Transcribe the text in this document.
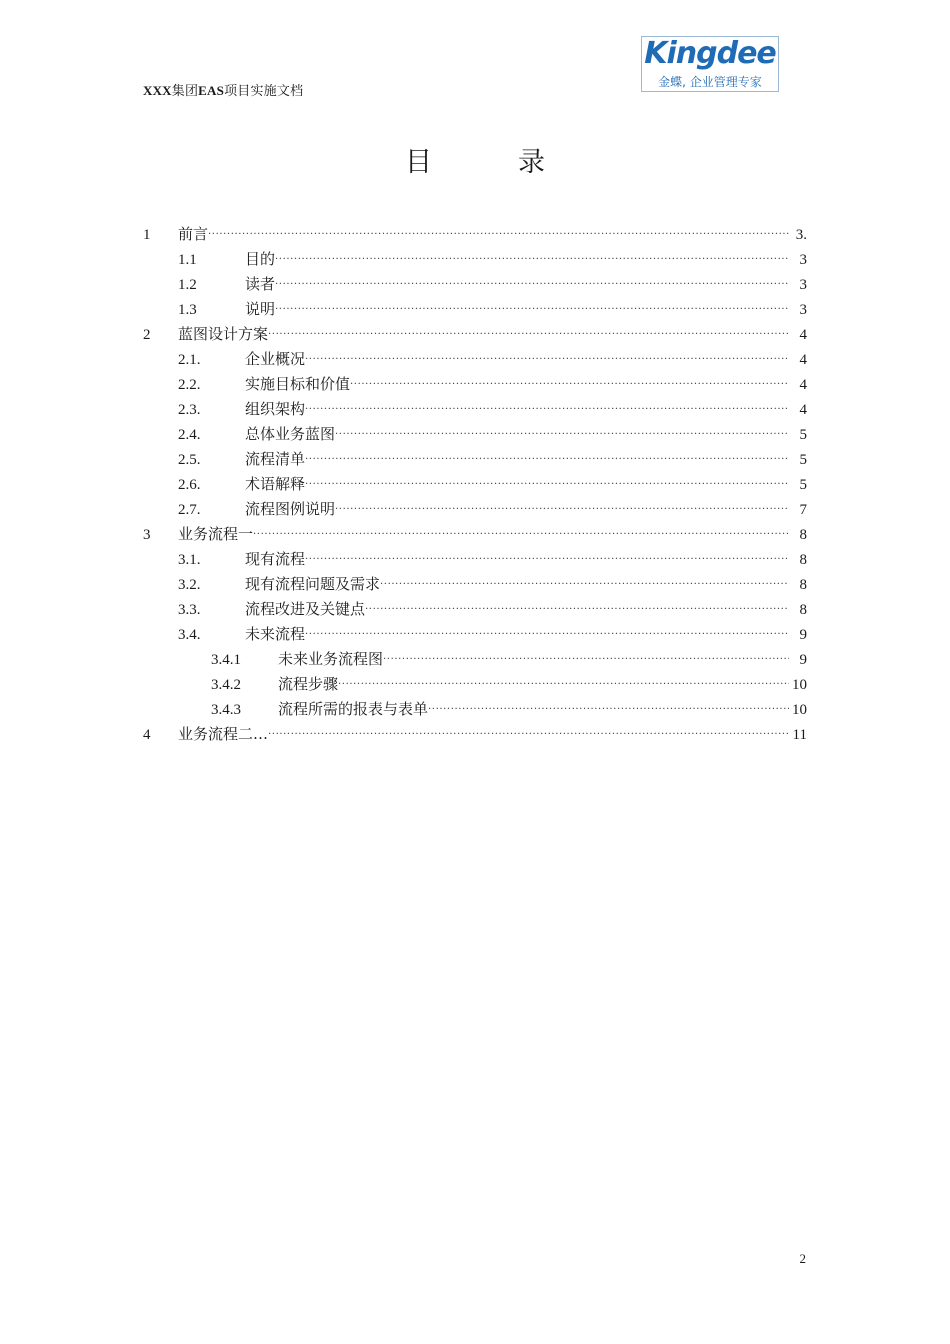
XXX集团EAS项目实施文档
Kingdee
金蝶, 企业管理专家
目录
1	前言 .....	3.
1.1	目的 .....	3
1.2	读者 .....	3
1.3	说明 .....	3
2	蓝图设计方案 .....	4
2.1.	企业概况 .....	4
2.2.	实施目标和价值 .....	4
2.3.	组织架构 .....	4
2.4.	总体业务蓝图 .....	5
2.5.	流程清单 .....	5
2.6.	术语解释 .....	5
2.7.	流程图例说明 .....	7
3	业务流程一 .....	8
3.1.	现有流程 .....	8
3.2.	现有流程问题及需求 .....	8
3.3.	流程改进及关键点 .....	8
3.4.	未来流程 .....	9
3.4.1	未来业务流程图 .....	9
3.4.2	流程步骤 .....	10
3.4.3	流程所需的报表与表单 .....	10
4	业务流程二… .....	11
2
